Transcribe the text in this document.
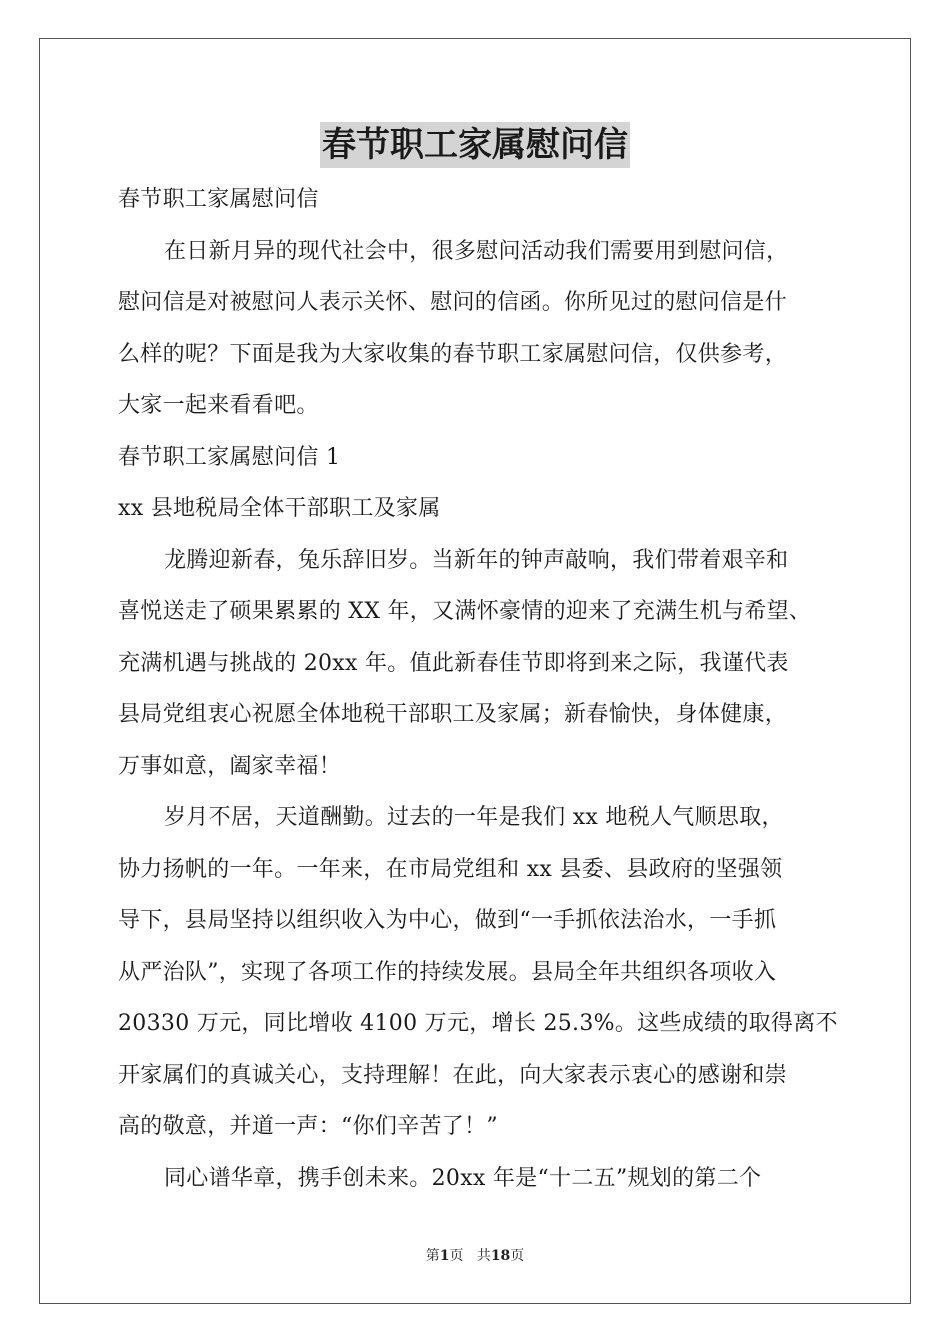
春节职工家属慰问信
春节职工家属慰问信
在日新月异的现代社会中，很多慰问活动我们需要用到慰问信，
慰问信是对被慰问人表示关怀、慰问的信函。你所见过的慰问信是什
么样的呢？下面是我为大家收集的春节职工家属慰问信，仅供参考，
大家一起来看看吧。
春节职工家属慰问信 1
xx 县地税局全体干部职工及家属
龙腾迎新春，兔乐辞旧岁。当新年的钟声敲响，我们带着艰辛和
喜悦送走了硕果累累的 XX 年，又满怀豪情的迎来了充满生机与希望、
充满机遇与挑战的 20xx 年。值此新春佳节即将到来之际，我谨代表
县局党组衷心祝愿全体地税干部职工及家属；新春愉快，身体健康，
万事如意，阖家幸福！
岁月不居，天道酬勤。过去的一年是我们 xx 地税人气顺思取，
协力扬帆的一年。一年来，在市局党组和 xx 县委、县政府的坚强领
导下，县局坚持以组织收入为中心，做到“一手抓依法治水，一手抓
从严治队”，实现了各项工作的持续发展。县局全年共组织各项收入
20330 万元，同比增收 4100 万元，增长 25.3%。这些成绩的取得离不
开家属们的真诚关心，支持理解！在此，向大家表示衷心的感谢和崇
高的敬意，并道一声：“你们辛苦了！”
同心谱华章，携手创未来。20xx 年是“十二五”规划的第二个
第1页 共18页
